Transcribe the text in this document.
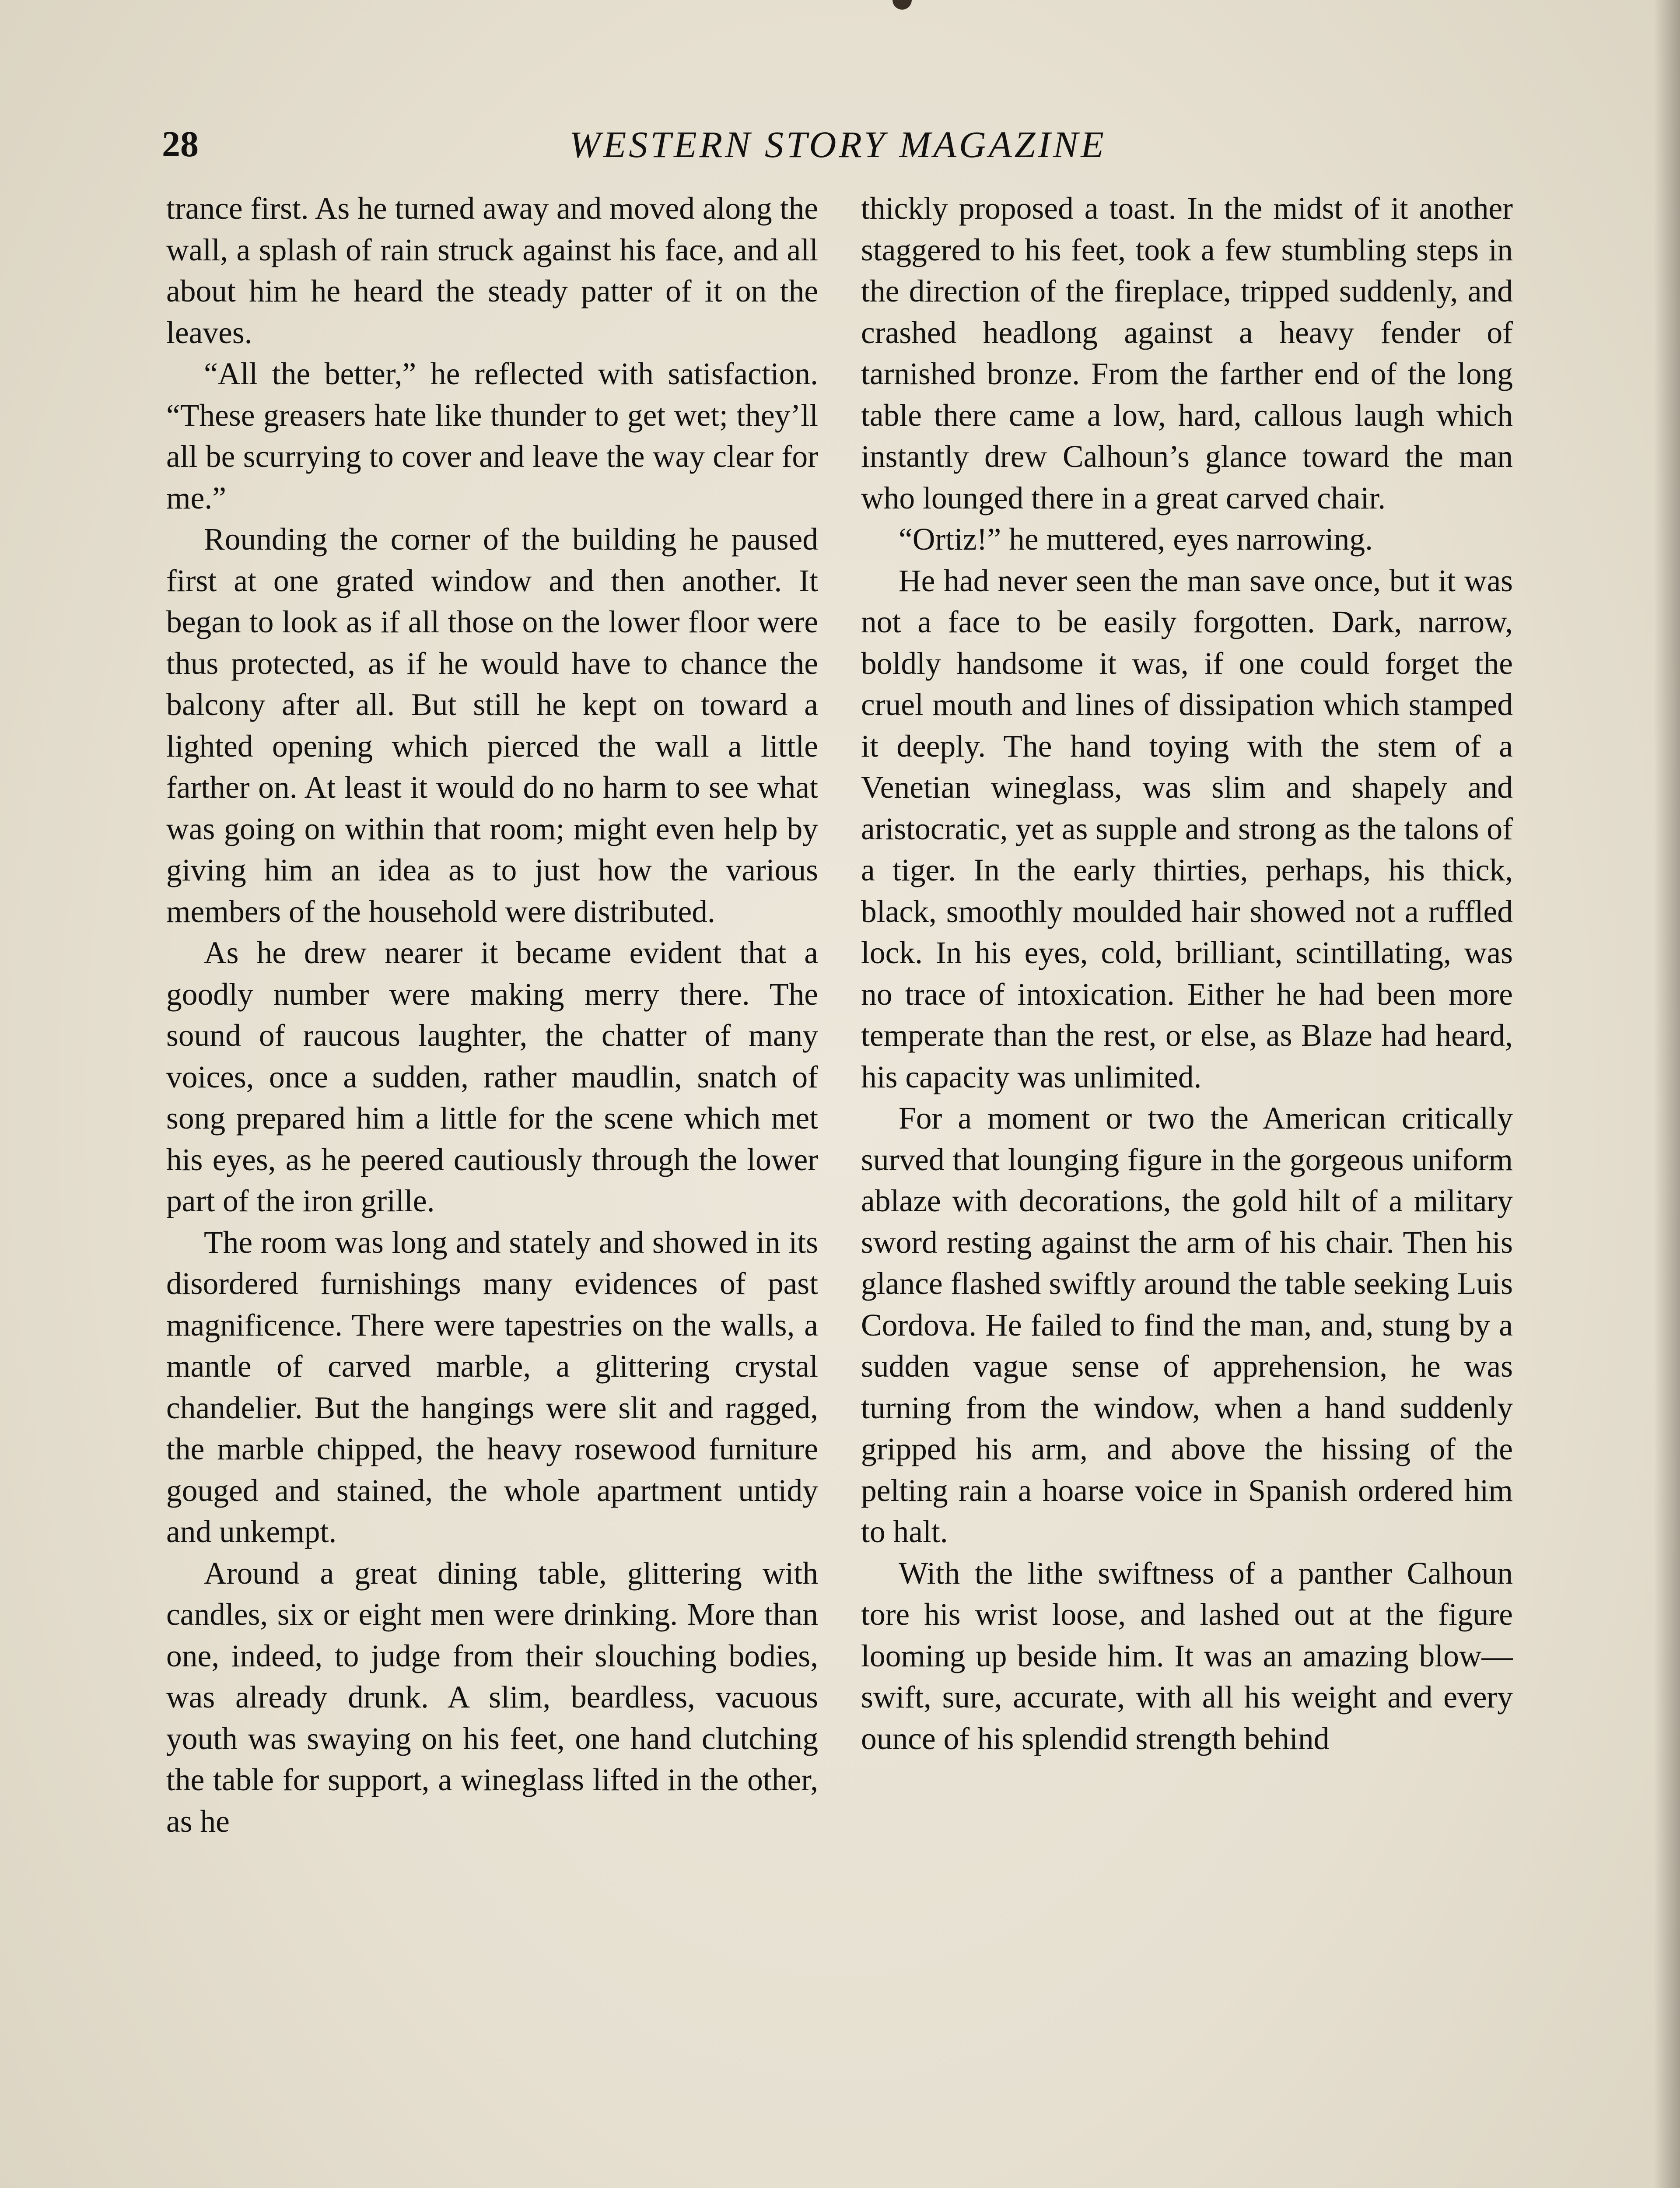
28	WESTERN STORY MAGAZINE

trance first. As he turned away and moved along the wall, a splash of rain struck against his face, and all about him he heard the steady patter of it on the leaves.

“All the better,” he reflected with satisfaction. “These greasers hate like thunder to get wet; they’ll all be scurrying to cover and leave the way clear for me.”

Rounding the corner of the building he paused first at one grated window and then another. It began to look as if all those on the lower floor were thus protected, as if he would have to chance the balcony after all. But still he kept on toward a lighted opening which pierced the wall a little farther on. At least it would do no harm to see what was going on within that room; might even help by giving him an idea as to just how the various members of the household were distributed.

As he drew nearer it became evident that a goodly number were making merry there. The sound of raucous laughter, the chatter of many voices, once a sudden, rather maudlin, snatch of song prepared him a little for the scene which met his eyes, as he peered cautiously through the lower part of the iron grille.

The room was long and stately and showed in its disordered furnishings many evidences of past magnificence. There were tapestries on the walls, a mantle of carved marble, a glittering crystal chandelier. But the hangings were slit and ragged, the marble chipped, the heavy rosewood furniture gouged and stained, the whole apartment untidy and unkempt.

Around a great dining table, glittering with candles, six or eight men were drinking. More than one, indeed, to judge from their slouching bodies, was already drunk. A slim, beardless, vacuous youth was swaying on his feet, one hand clutching the table for support, a wineglass lifted in the other, as he

thickly proposed a toast. In the midst of it another staggered to his feet, took a few stumbling steps in the direction of the fireplace, tripped suddenly, and crashed headlong against a heavy fender of tarnished bronze. From the farther end of the long table there came a low, hard, callous laugh which instantly drew Calhoun’s glance toward the man who lounged there in a great carved chair.

“Ortiz!” he muttered, eyes narrowing.

He had never seen the man save once, but it was not a face to be easily forgotten. Dark, narrow, boldly handsome it was, if one could forget the cruel mouth and lines of dissipation which stamped it deeply. The hand toying with the stem of a Venetian wineglass, was slim and shapely and aristocratic, yet as supple and strong as the talons of a tiger. In the early thirties, perhaps, his thick, black, smoothly moulded hair showed not a ruffled lock. In his eyes, cold, brilliant, scintillating, was no trace of intoxication. Either he had been more temperate than the rest, or else, as Blaze had heard, his capacity was unlimited.

For a moment or two the American critically surved that lounging figure in the gorgeous uniform ablaze with decorations, the gold hilt of a military sword resting against the arm of his chair. Then his glance flashed swiftly around the table seeking Luis Cordova. He failed to find the man, and, stung by a sudden vague sense of apprehension, he was turning from the window, when a hand suddenly gripped his arm, and above the hissing of the pelting rain a hoarse voice in Spanish ordered him to halt.

With the lithe swiftness of a panther Calhoun tore his wrist loose, and lashed out at the figure looming up beside him. It was an amazing blow—swift, sure, accurate, with all his weight and every ounce of his splendid strength behind
